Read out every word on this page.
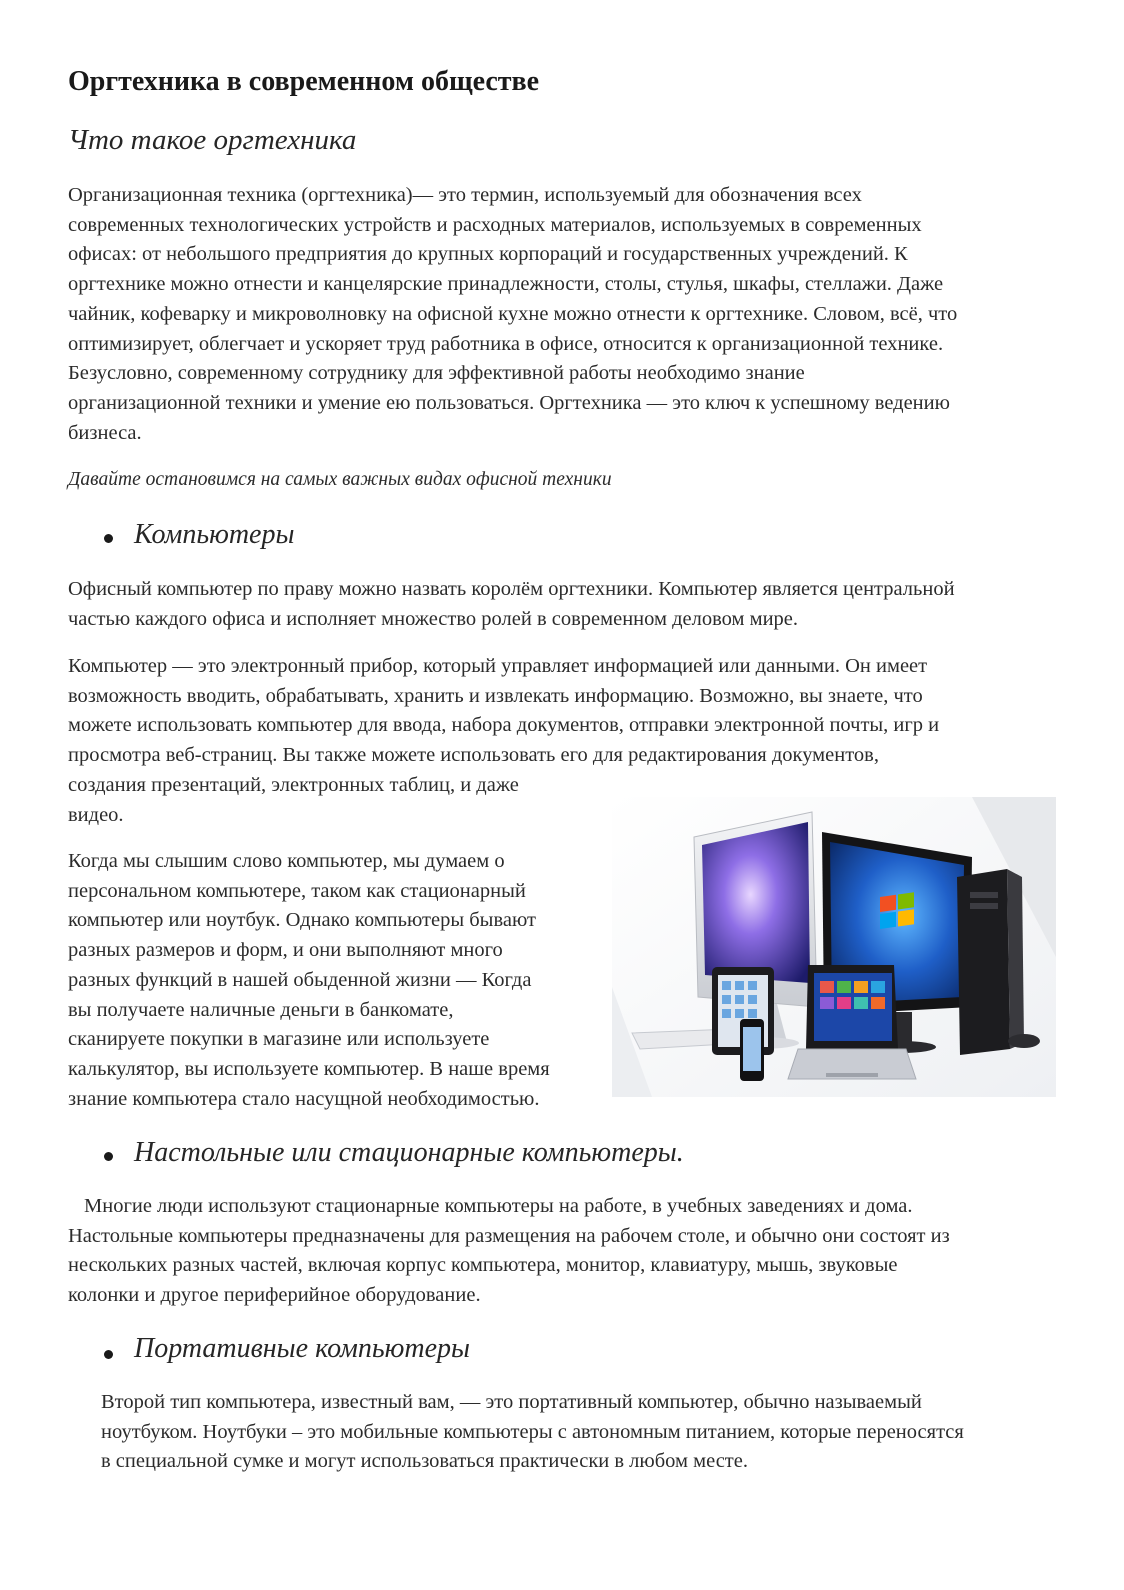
Оргтехника в современном обществе
Что такое оргтехника
Организационная техника (оргтехника)— это термин, используемый для обозначения всех
современных технологических устройств и расходных материалов, используемых в современных
офисах: от небольшого предприятия до крупных корпораций и государственных учреждений. К
оргтехнике можно отнести и канцелярские принадлежности, столы, стулья, шкафы, стеллажи. Даже
чайник, кофеварку и микроволновку на офисной кухне можно отнести к оргтехнике. Словом, всё, что
оптимизирует, облегчает и ускоряет труд работника в офисе, относится к организационной технике.
Безусловно, современному сотруднику для эффективной работы необходимо знание
организационной техники и умение ею пользоваться. Оргтехника — это ключ к успешному ведению
бизнеса.
Давайте остановимся на самых важных видах офисной техники
Компьютеры
Офисный компьютер по праву можно назвать королём оргтехники. Компьютер является центральной
частью каждого офиса и исполняет множество ролей в современном деловом мире.
Компьютер — это электронный прибор, который управляет информацией или данными. Он имеет
возможность вводить, обрабатывать, хранить и извлекать информацию. Возможно, вы знаете, что
можете использовать компьютер для ввода, набора документов, отправки электронной почты, игр и
просмотра веб-страниц. Вы также можете использовать его для редактирования документов,
создания презентаций, электронных таблиц, и даже
видео.
Когда мы слышим слово компьютер, мы думаем о
персональном компьютере, таком как стационарный
компьютер или ноутбук. Однако компьютеры бывают
разных размеров и форм, и они выполняют много
разных функций в нашей обыденной жизни — Когда
вы получаете наличные деньги в банкомате,
сканируете покупки в магазине или используете
калькулятор, вы используете компьютер. В наше время
знание компьютера стало насущной необходимостью.
Настольные или стационарные компьютеры.
Многие люди используют стационарные компьютеры на работе, в учебных заведениях и дома.
Настольные компьютеры предназначены для размещения на рабочем столе, и обычно они состоят из
нескольких разных частей, включая корпус компьютера, монитор, клавиатуру, мышь, звуковые
колонки и другое периферийное оборудование.
Портативные компьютеры
Второй тип компьютера, известный вам, — это портативный компьютер, обычно называемый
ноутбуком. Ноутбуки – это мобильные компьютеры с автономным питанием, которые переносятся
в специальной сумке и могут использоваться практически в любом месте.
